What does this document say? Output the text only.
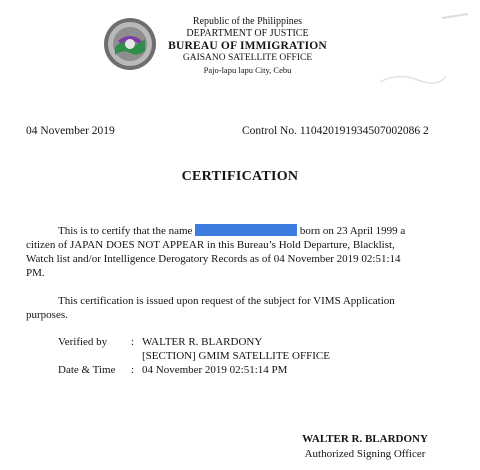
Republic of the Philippines
DEPARTMENT OF JUSTICE
BUREAU OF IMMIGRATION
GAISANO SATELLITE OFFICE
Pajo-lapu lapu City, Cebu
04 November 2019	Control No. 110420191934507002086 2
CERTIFICATION
This is to certify that the name	born on 23 April 1999 a
citizen of JAPAN DOES NOT APPEAR in this Bureau’s Hold Departure, Blacklist,
Watch list and/or Intelligence Derogatory Records as of 04 November 2019 02:51:14
PM.
This certification is issued upon request of the subject for VIMS Application
purposes.
Verified by : WALTER R. BLARDONY
[SECTION] GMIM SATELLITE OFFICE
Date & Time : 04 November 2019 02:51:14 PM
WALTER R. BLARDONY
Authorized Signing Officer
